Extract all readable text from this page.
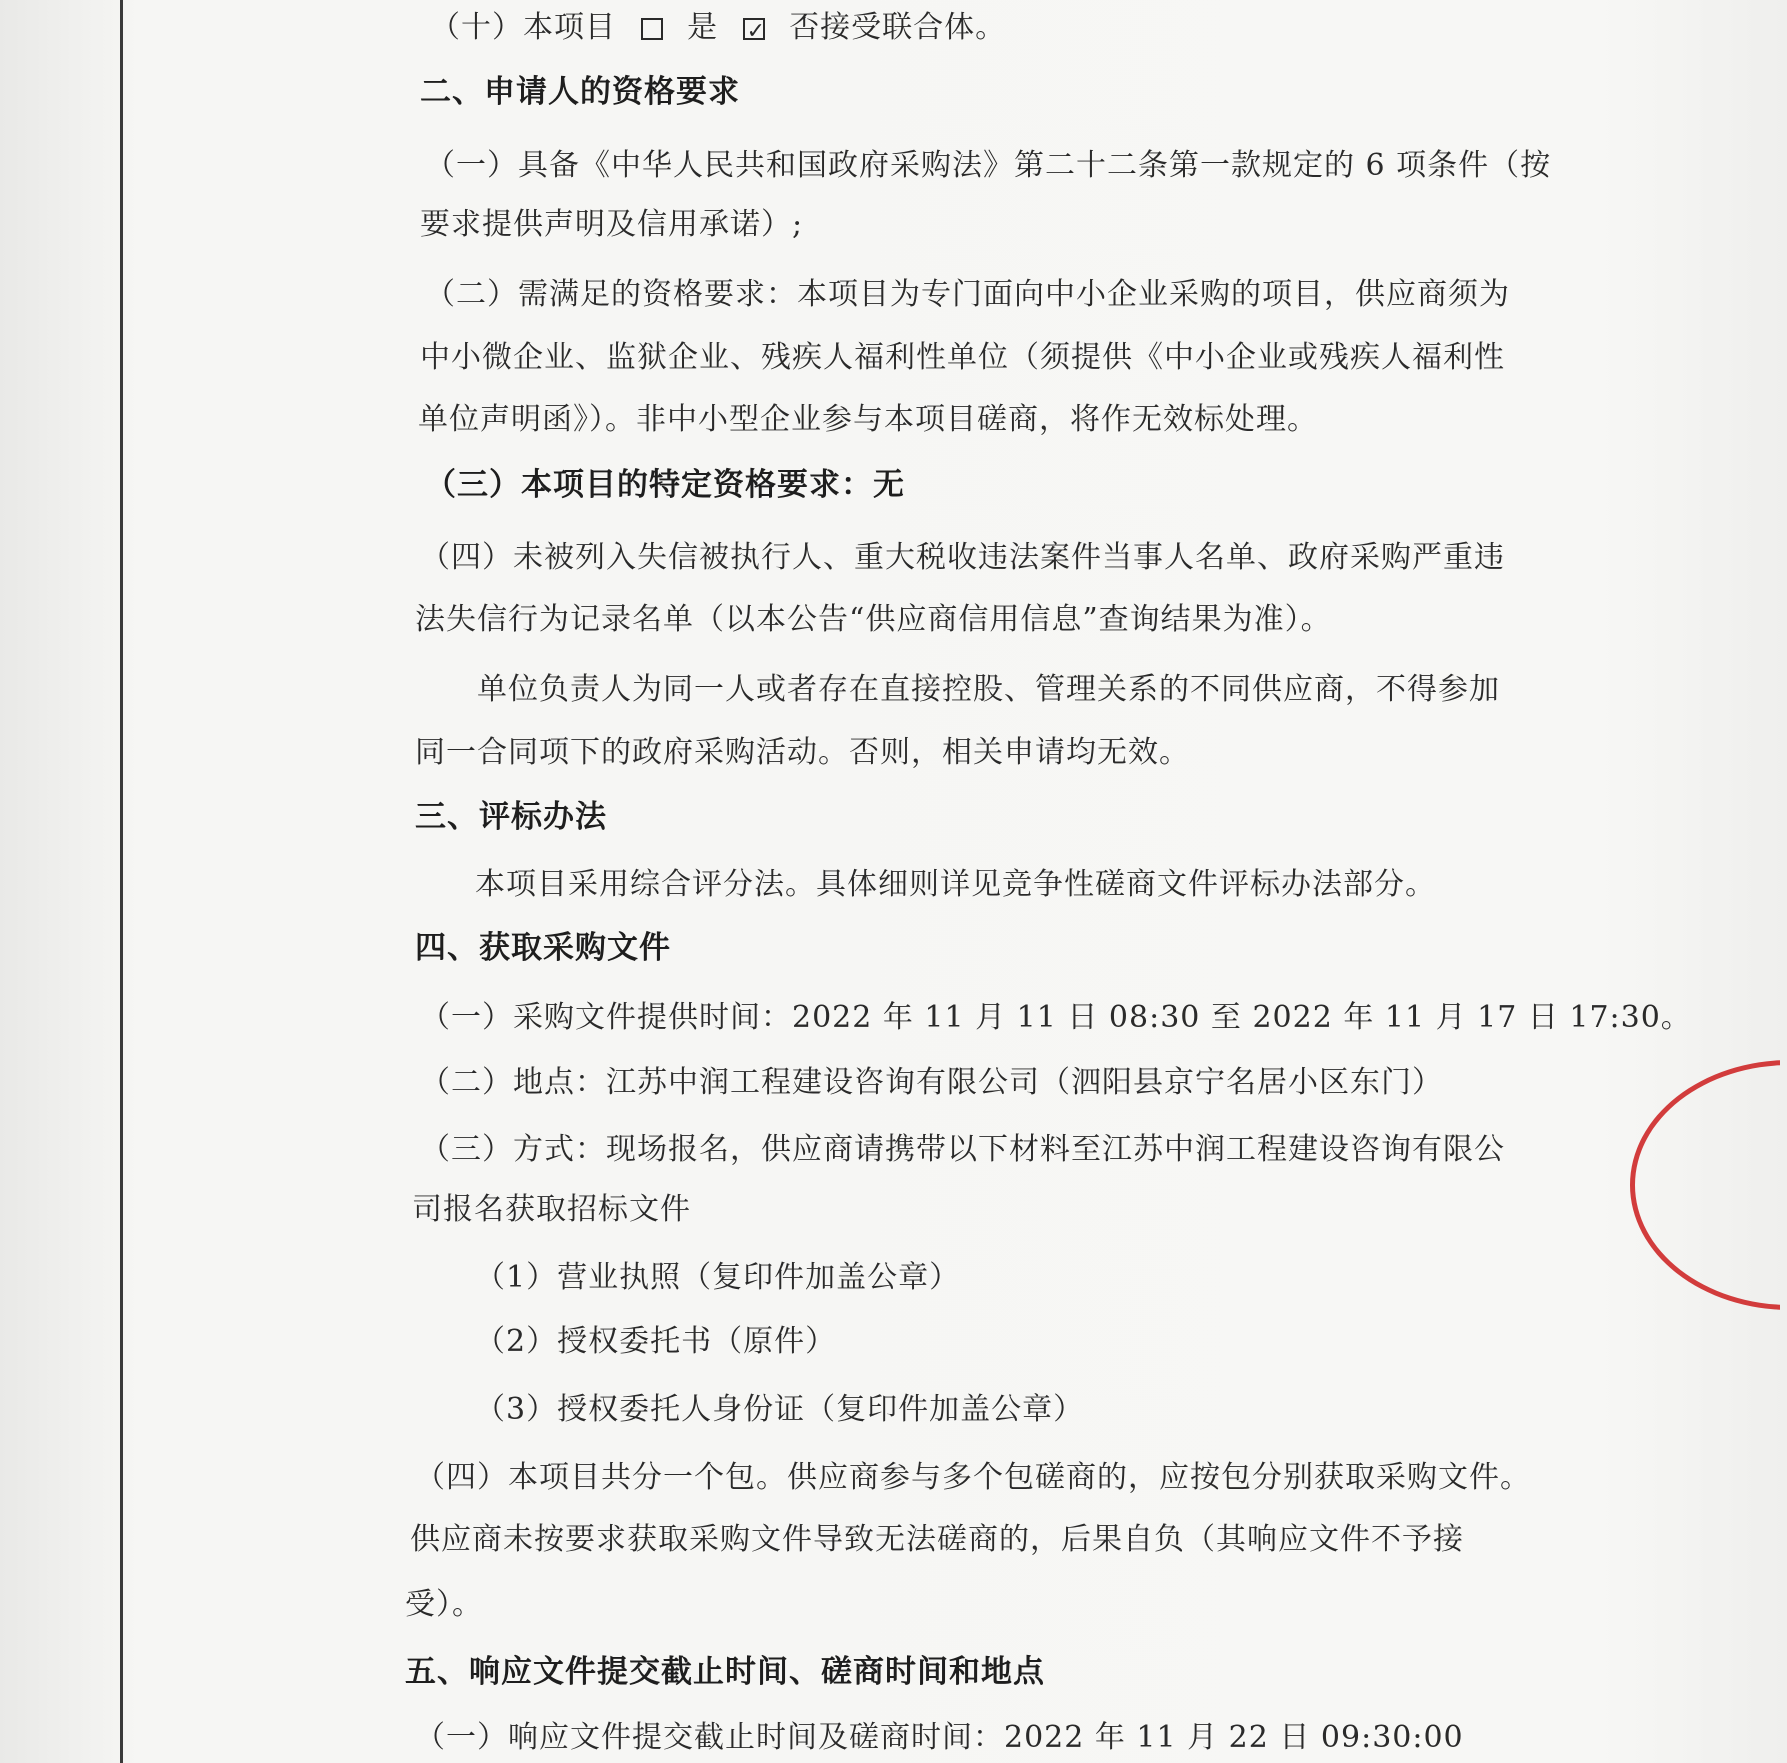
（十）本项目 是 ✓ 否接受联合体。
二、申请人的资格要求
（一）具备《中华人民共和国政府采购法》第二十二条第一款规定的 6 项条件（按
要求提供声明及信用承诺）;
（二）需满足的资格要求：本项目为专门面向中小企业采购的项目，供应商须为
中小微企业、监狱企业、残疾人福利性单位（须提供《中小企业或残疾人福利性
单位声明函》）。非中小型企业参与本项目磋商，将作无效标处理。
（三）本项目的特定资格要求：无
（四）未被列入失信被执行人、重大税收违法案件当事人名单、政府采购严重违
法失信行为记录名单（以本公告“供应商信用信息”查询结果为准）。
单位负责人为同一人或者存在直接控股、管理关系的不同供应商，不得参加
同一合同项下的政府采购活动。否则，相关申请均无效。
三、评标办法
本项目采用综合评分法。具体细则详见竞争性磋商文件评标办法部分。
四、获取采购文件
（一）采购文件提供时间：2022 年 11 月 11 日 08:30 至 2022 年 11 月 17 日 17:30。
（二）地点：江苏中润工程建设咨询有限公司（泗阳县京宁名居小区东门）
（三）方式：现场报名，供应商请携带以下材料至江苏中润工程建设咨询有限公
司报名获取招标文件
（1）营业执照（复印件加盖公章）
（2）授权委托书（原件）
（3）授权委托人身份证（复印件加盖公章）
（四）本项目共分一个包。供应商参与多个包磋商的，应按包分别获取采购文件。
供应商未按要求获取采购文件导致无法磋商的，后果自负（其响应文件不予接
受）。
五、响应文件提交截止时间、磋商时间和地点
（一）响应文件提交截止时间及磋商时间：2022 年 11 月 22 日 09:30:00
